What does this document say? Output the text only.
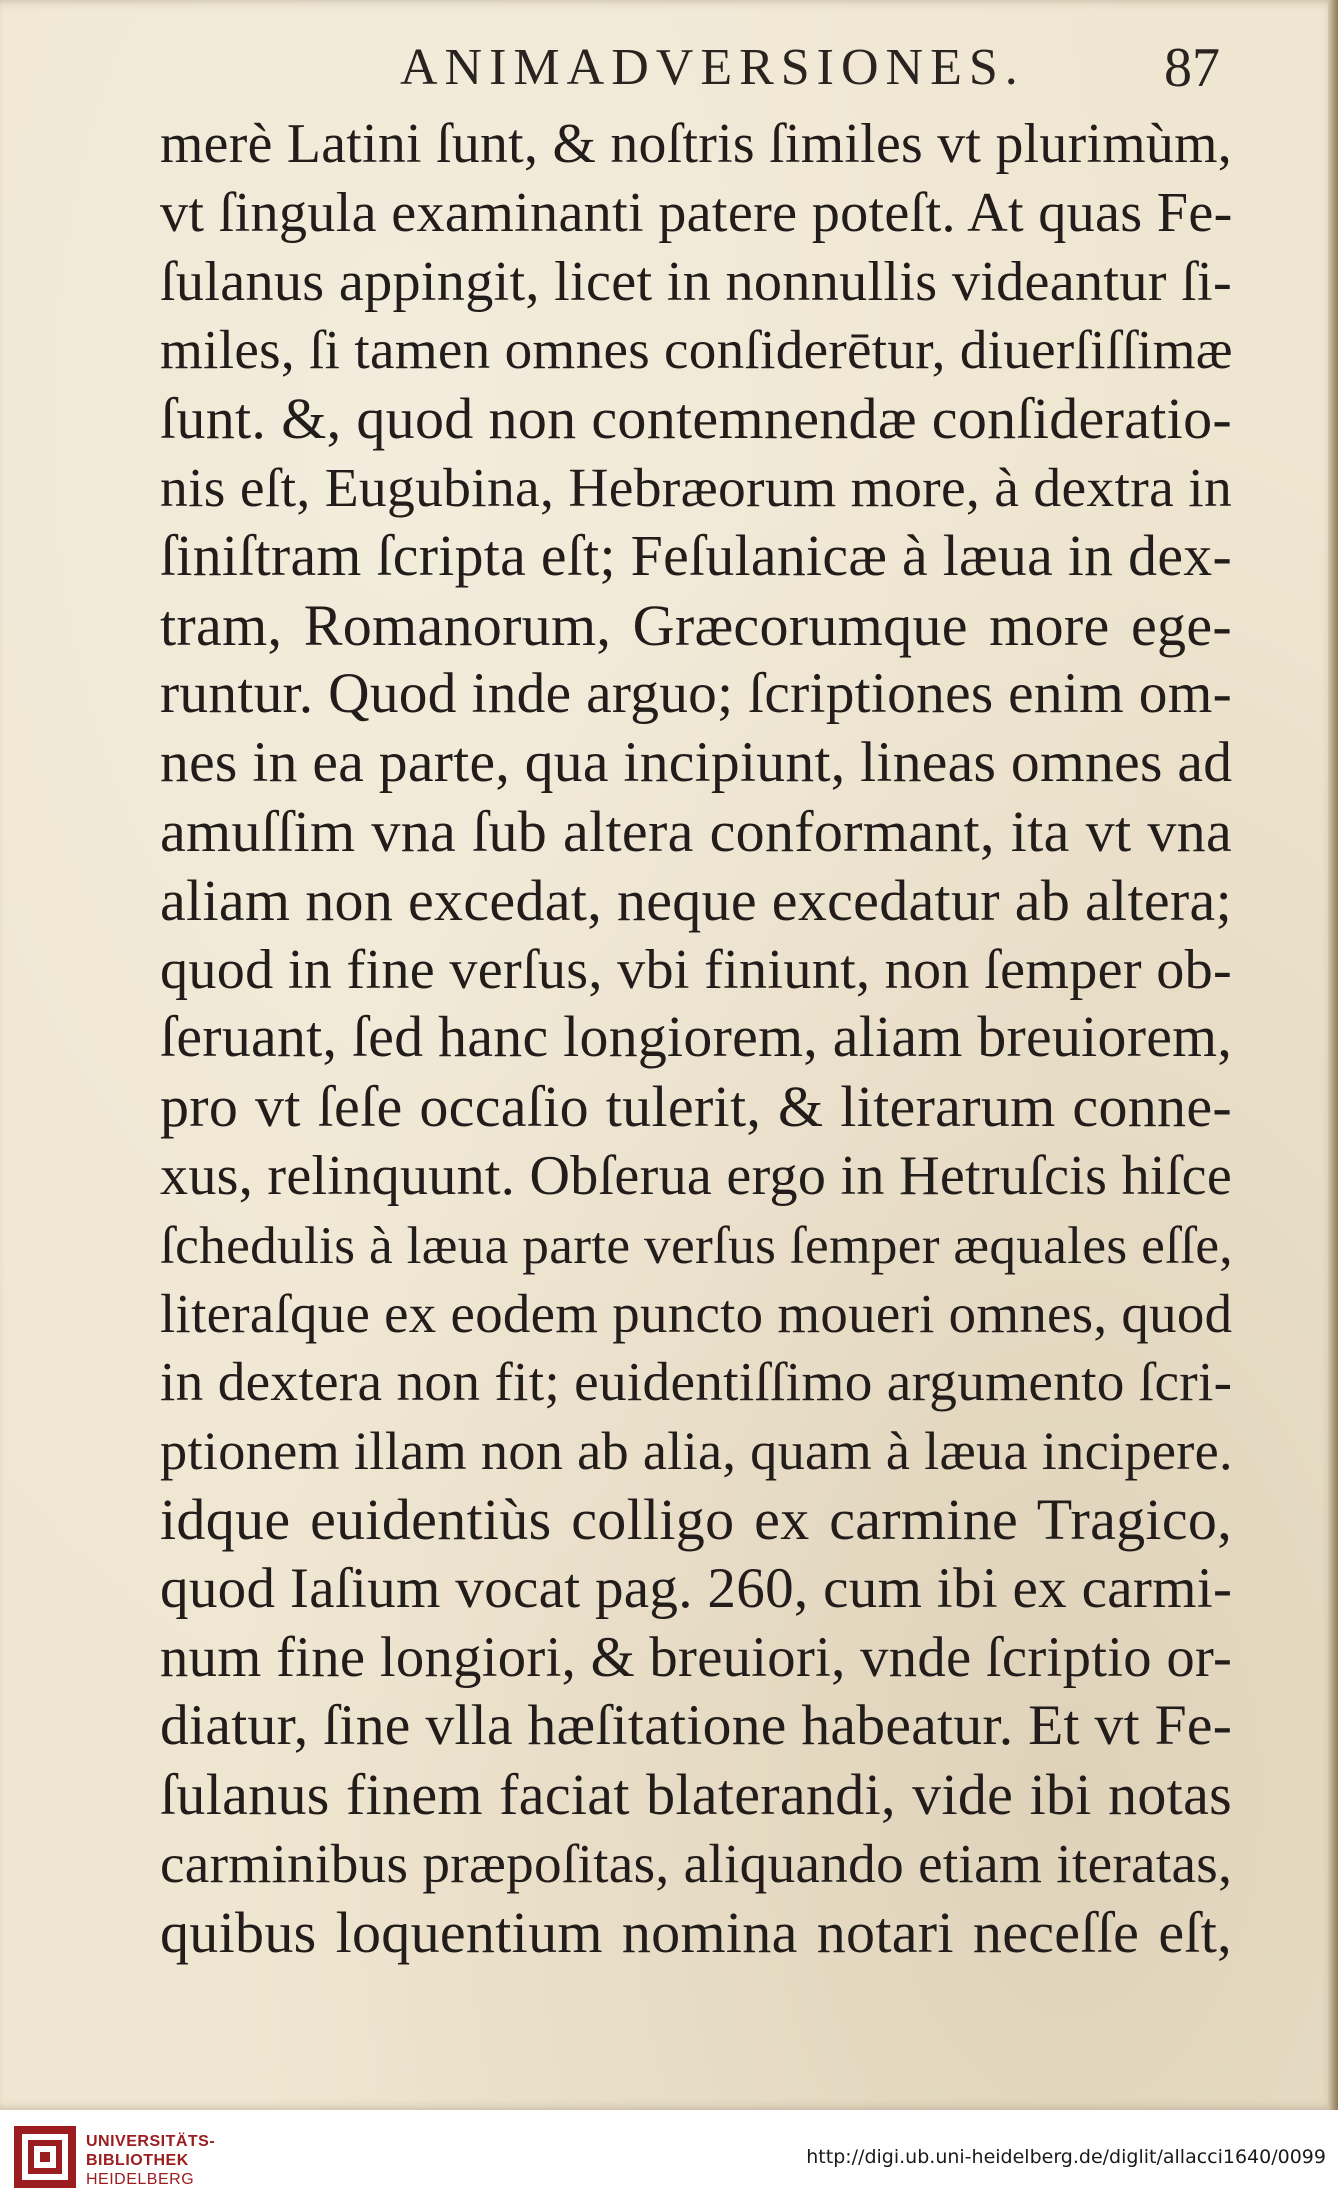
ANIMADVERSIONES. 87
merè Latini ſunt, & noſtris ſimiles vt plurimùm,
vt ſingula examinanti patere poteſt. At quas Fe-
ſulanus appingit, licet in nonnullis videantur ſi-
miles, ſi tamen omnes conſiderētur, diuerſiſſimæ
ſunt. &, quod non contemnendæ conſideratio-
nis eſt, Eugubina, Hebræorum more, à dextra in
ſiniſtram ſcripta eſt; Feſulanicæ à læua in dex-
tram, Romanorum, Græcorumque more ege-
runtur. Quod inde arguo; ſcriptiones enim om-
nes in ea parte, qua incipiunt, lineas omnes ad
amuſſim vna ſub altera conformant, ita vt vna
aliam non excedat, neque excedatur ab altera;
quod in fine verſus, vbi finiunt, non ſemper ob-
ſeruant, ſed hanc longiorem, aliam breuiorem,
pro vt ſeſe occaſio tulerit, & literarum conne-
xus, relinquunt. Obſerua ergo in Hetruſcis hiſce
ſchedulis à læua parte verſus ſemper æquales eſſe,
literaſque ex eodem puncto moueri omnes, quod
in dextera non fit; euidentiſſimo argumento ſcri-
ptionem illam non ab alia, quam à læua incipere.
idque euidentiùs colligo ex carmine Tragico,
quod Iaſium vocat pag. 260, cum ibi ex carmi-
num fine longiori, & breuiori, vnde ſcriptio or-
diatur, ſine vlla hæſitatione habeatur. Et vt Fe-
ſulanus finem faciat blaterandi, vide ibi notas
carminibus præpoſitas, aliquando etiam iteratas,
quibus loquentium nomina notari neceſſe eſt,
UNIVERSITÄTS-
BIBLIOTHEK
HEIDELBERG
http://digi.ub.uni-heidelberg.de/diglit/allacci1640/0099
